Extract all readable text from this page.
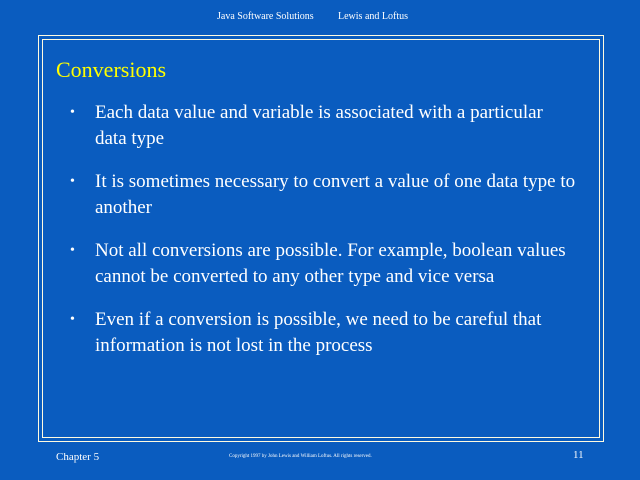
Java Software Solutions Lewis and Loftus
Conversions
• Each data value and variable is associated with a particular data type
• It is sometimes necessary to convert a value of one data type to another
• Not all conversions are possible. For example, boolean values cannot be converted to any other type and vice versa
• Even if a conversion is possible, we need to be careful that information is not lost in the process
Chapter 5	Copyright 1997 by John Lewis and William Loftus. All rights reserved.	11
